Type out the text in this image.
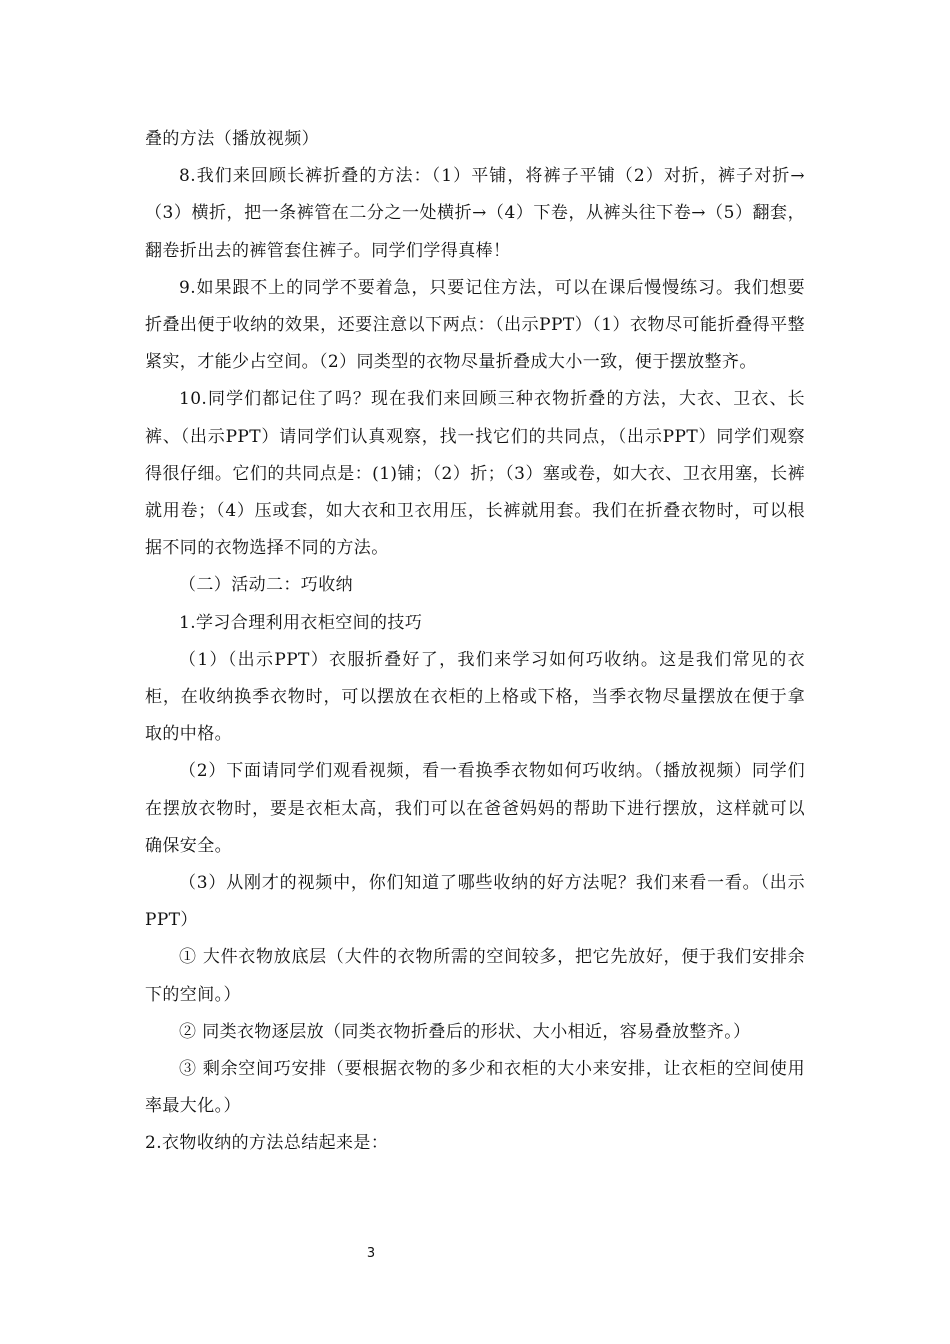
叠的方法（播放视频）

8.我们来回顾长裤折叠的方法：（1）平铺，将裤子平铺（2）对折，裤子对折→（3）横折，把一条裤管在二分之一处横折→（4）下卷，从裤头往下卷→（5）翻套，翻卷折出去的裤管套住裤子。同学们学得真棒！

9.如果跟不上的同学不要着急，只要记住方法，可以在课后慢慢练习。我们想要折叠出便于收纳的效果，还要注意以下两点：（出示PPT）（1）衣物尽可能折叠得平整紧实，才能少占空间。（2）同类型的衣物尽量折叠成大小一致，便于摆放整齐。

10.同学们都记住了吗？现在我们来回顾三种衣物折叠的方法，大衣、卫衣、长裤、（出示PPT）请同学们认真观察，找一找它们的共同点，（出示PPT）同学们观察得很仔细。它们的共同点是：(1)铺；（2）折；（3）塞或卷，如大衣、卫衣用塞，长裤就用卷；（4）压或套，如大衣和卫衣用压，长裤就用套。我们在折叠衣物时，可以根据不同的衣物选择不同的方法。

（二）活动二：巧收纳

1.学习合理利用衣柜空间的技巧

（1）（出示PPT）衣服折叠好了，我们来学习如何巧收纳。这是我们常见的衣柜，在收纳换季衣物时，可以摆放在衣柜的上格或下格，当季衣物尽量摆放在便于拿取的中格。

（2）下面请同学们观看视频，看一看换季衣物如何巧收纳。（播放视频）同学们在摆放衣物时，要是衣柜太高，我们可以在爸爸妈妈的帮助下进行摆放，这样就可以确保安全。

（3）从刚才的视频中，你们知道了哪些收纳的好方法呢？我们来看一看。（出示PPT）

① 大件衣物放底层（大件的衣物所需的空间较多，把它先放好，便于我们安排余下的空间。）

② 同类衣物逐层放（同类衣物折叠后的形状、大小相近，容易叠放整齐。）

③ 剩余空间巧安排（要根据衣物的多少和衣柜的大小来安排，让衣柜的空间使用率最大化。）

2.衣物收纳的方法总结起来是：

3
